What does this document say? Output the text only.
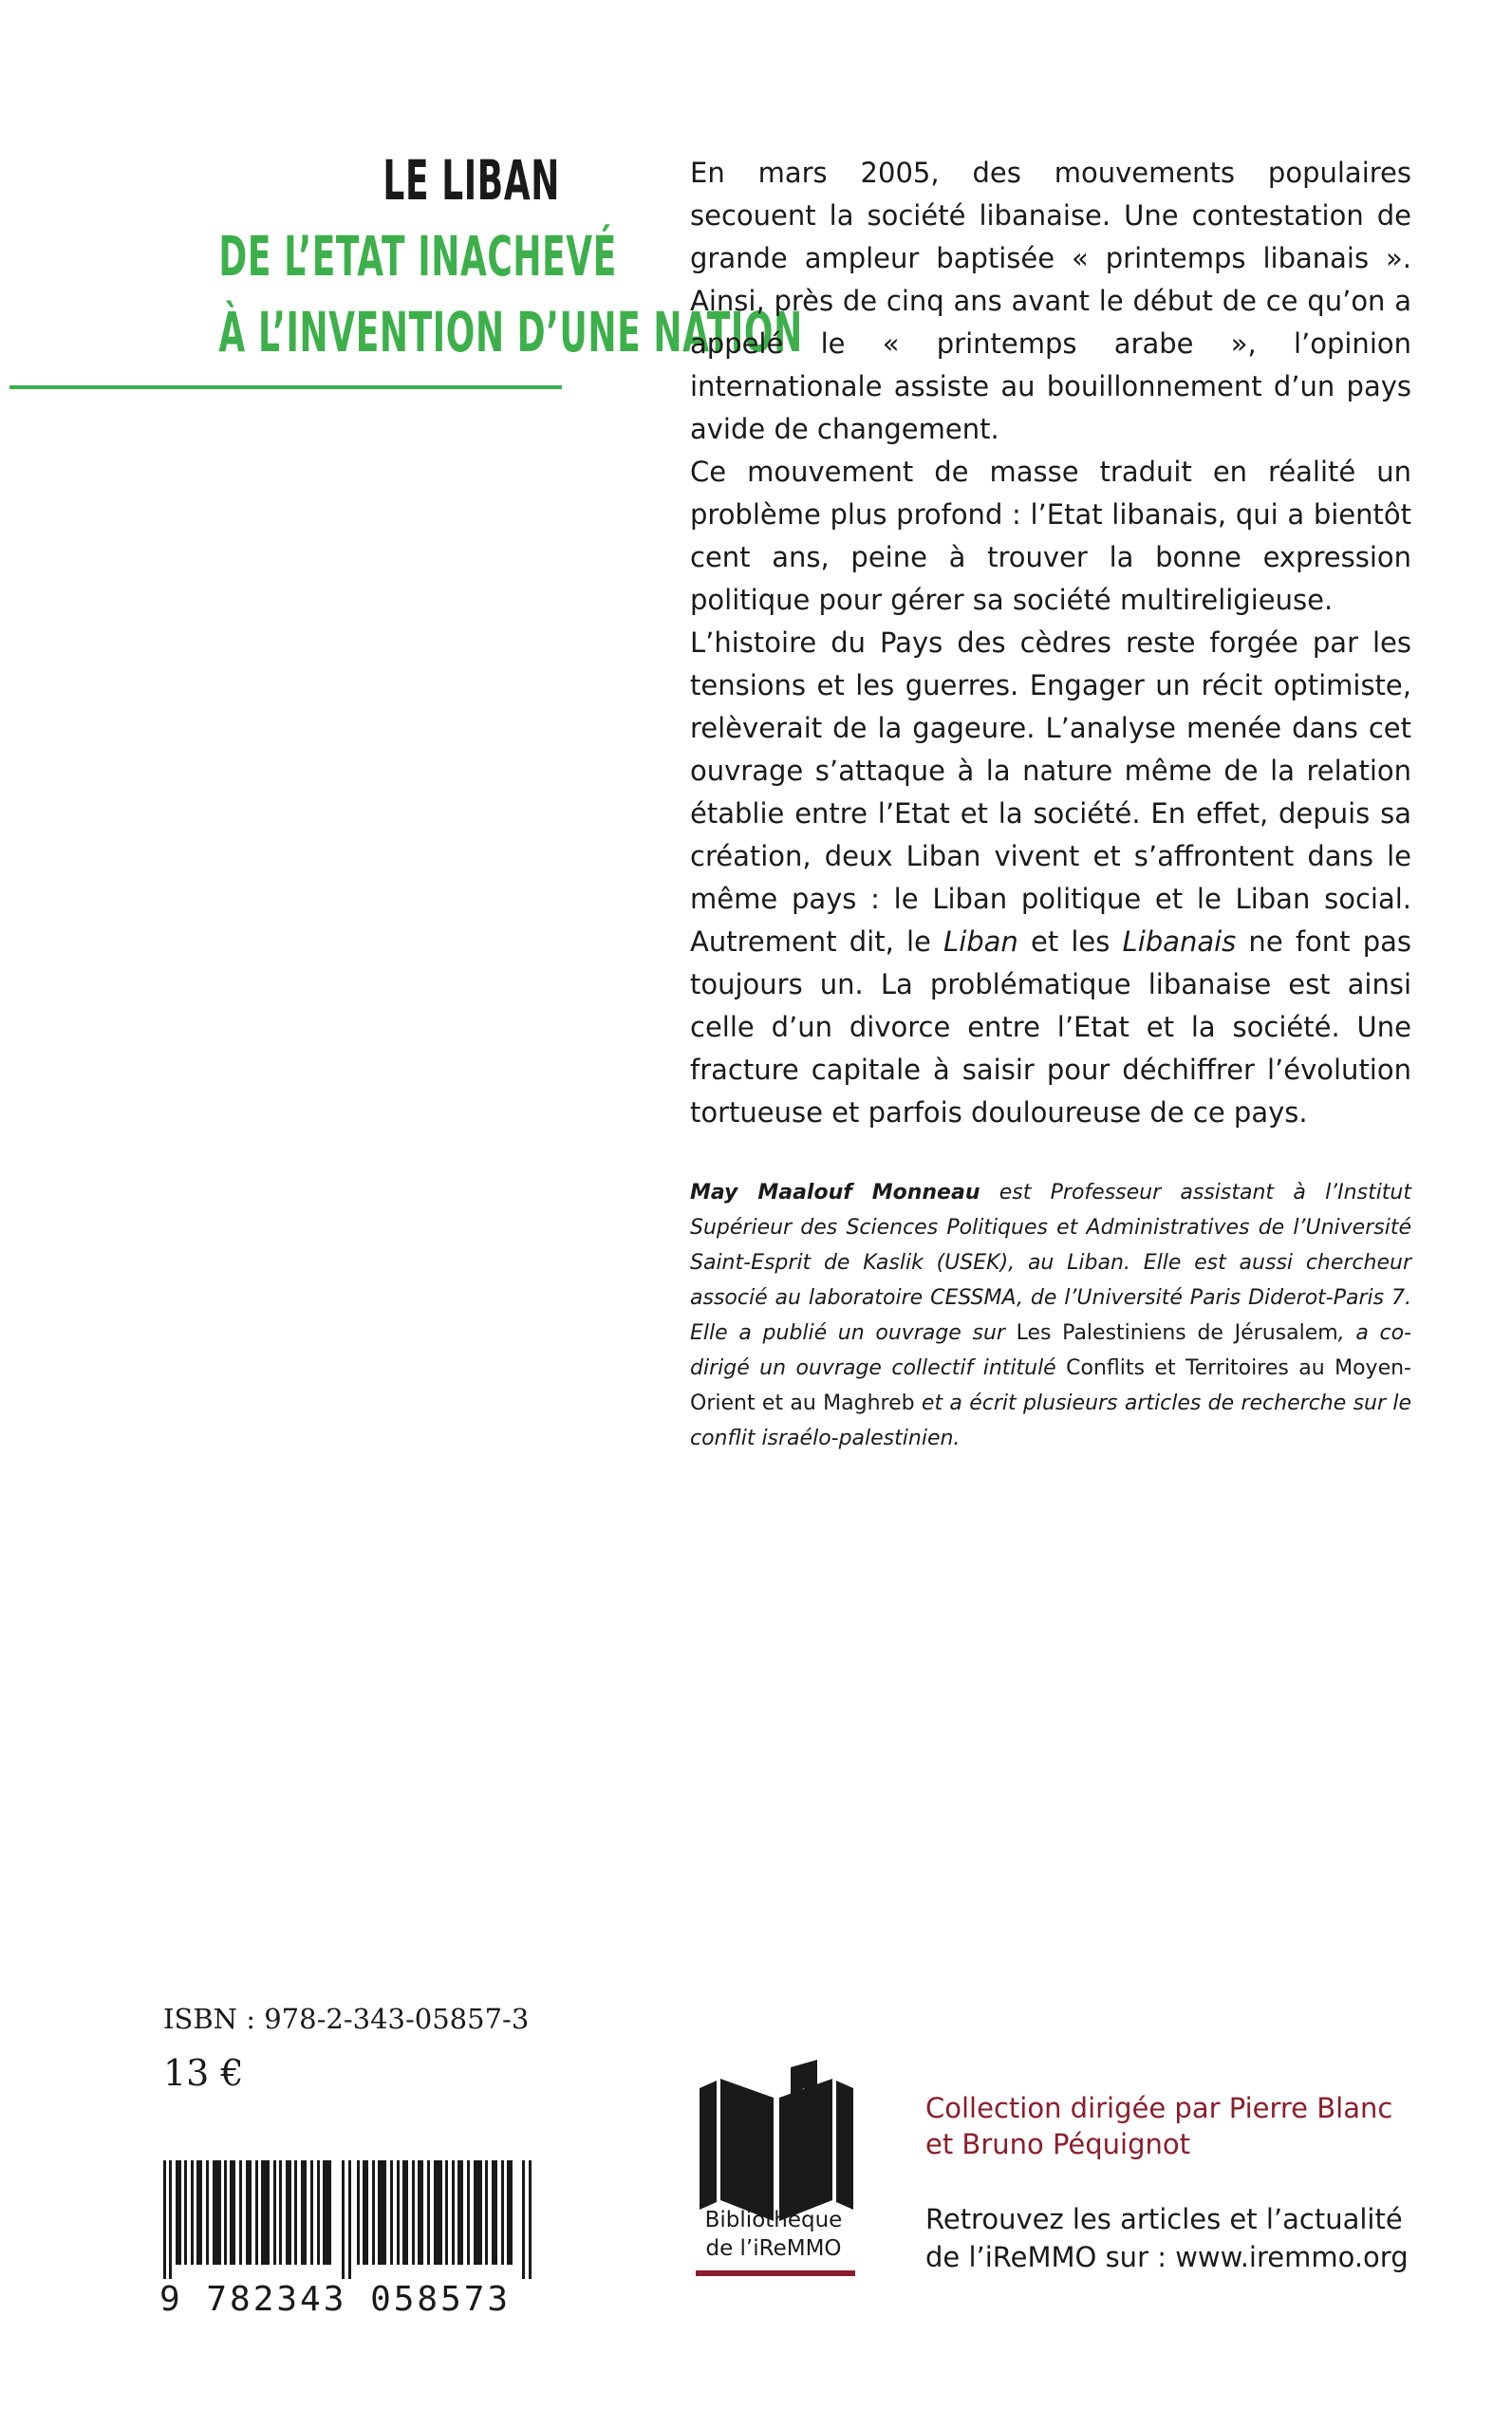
LE LIBAN
DE L’ETAT INACHEVÉ
À L’INVENTION D’UNE NATION

En mars 2005, des mouvements populaires secouent la société libanaise. Une contestation de grande ampleur baptisée « printemps libanais ». Ainsi, près de cinq ans avant le début de ce qu’on a appelé le « printemps arabe », l’opinion internationale assiste au bouillonnement d’un pays avide de changement.

Ce mouvement de masse traduit en réalité un problème plus profond : l’Etat libanais, qui a bientôt cent ans, peine à trouver la bonne expression politique pour gérer sa société multireligieuse.

L’histoire du Pays des cèdres reste forgée par les tensions et les guerres. Engager un récit optimiste, relèverait de la gageure. L’analyse menée dans cet ouvrage s’attaque à la nature même de la relation établie entre l’Etat et la société. En effet, depuis sa création, deux Liban vivent et s’affrontent dans le même pays : le Liban politique et le Liban social. Autrement dit, le Liban et les Libanais ne font pas toujours un. La problématique libanaise est ainsi celle d’un divorce entre l’Etat et la société. Une fracture capitale à saisir pour déchiffrer l’évolution tortueuse et parfois douloureuse de ce pays.

May Maalouf Monneau est Professeur assistant à l’Institut Supérieur des Sciences Politiques et Administratives de l’Université Saint-Esprit de Kaslik (USEK), au Liban. Elle est aussi chercheur associé au laboratoire CESSMA, de l’Université Paris Diderot-Paris 7. Elle a publié un ouvrage sur Les Palestiniens de Jérusalem, a co-dirigé un ouvrage collectif intitulé Conflits et Territoires au Moyen-Orient et au Maghreb et a écrit plusieurs articles de recherche sur le conflit israélo-palestinien.
ISBN : 978-2-343-05857-3
13 €
9 782343 058573
Bibliothèque
de l’iReMMO
Collection dirigée par Pierre Blanc
et Bruno Péquignot
Retrouvez les articles et l’actualité
de l’iReMMO sur : www.iremmo.org
